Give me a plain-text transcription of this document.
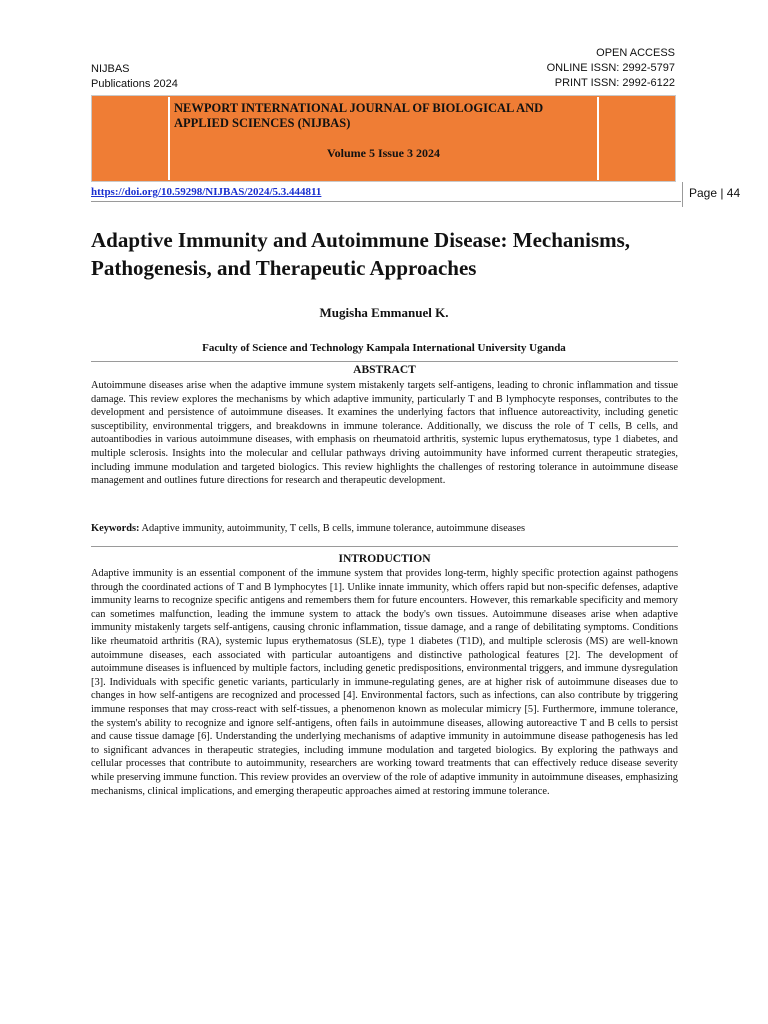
NIJBAS
Publications 2024
OPEN ACCESS
ONLINE ISSN: 2992-5797
PRINT ISSN: 2992-6122
NEWPORT INTERNATIONAL JOURNAL OF BIOLOGICAL AND APPLIED SCIENCES (NIJBAS)
Volume 5 Issue 3 2024
https://doi.org/10.59298/NIJBAS/2024/5.3.444811	Page | 44
Adaptive Immunity and Autoimmune Disease: Mechanisms, Pathogenesis, and Therapeutic Approaches
Mugisha Emmanuel K.
Faculty of Science and Technology Kampala International University Uganda
ABSTRACT
Autoimmune diseases arise when the adaptive immune system mistakenly targets self-antigens, leading to chronic inflammation and tissue damage. This review explores the mechanisms by which adaptive immunity, particularly T and B lymphocyte responses, contributes to the development and persistence of autoimmune diseases. It examines the underlying factors that influence autoreactivity, including genetic susceptibility, environmental triggers, and breakdowns in immune tolerance. Additionally, we discuss the role of T cells, B cells, and autoantibodies in various autoimmune diseases, with emphasis on rheumatoid arthritis, systemic lupus erythematosus, type 1 diabetes, and multiple sclerosis. Insights into the molecular and cellular pathways driving autoimmunity have informed current therapeutic strategies, including immune modulation and targeted biologics. This review highlights the challenges of restoring tolerance in autoimmune disease management and outlines future directions for research and therapeutic development.
Keywords: Adaptive immunity, autoimmunity, T cells, B cells, immune tolerance, autoimmune diseases
INTRODUCTION
Adaptive immunity is an essential component of the immune system that provides long-term, highly specific protection against pathogens through the coordinated actions of T and B lymphocytes [1]. Unlike innate immunity, which offers rapid but non-specific defenses, adaptive immunity learns to recognize specific antigens and remembers them for future encounters. However, this remarkable specificity and memory can sometimes malfunction, leading the immune system to attack the body's own tissues. Autoimmune diseases arise when adaptive immunity mistakenly targets self-antigens, causing chronic inflammation, tissue damage, and a range of debilitating symptoms. Conditions like rheumatoid arthritis (RA), systemic lupus erythematosus (SLE), type 1 diabetes (T1D), and multiple sclerosis (MS) are well-known autoimmune diseases, each associated with particular autoantigens and distinctive pathological features [2]. The development of autoimmune diseases is influenced by multiple factors, including genetic predispositions, environmental triggers, and immune dysregulation [3]. Individuals with specific genetic variants, particularly in immune-regulating genes, are at higher risk of autoimmune diseases due to changes in how self-antigens are recognized and processed [4]. Environmental factors, such as infections, can also contribute by triggering immune responses that may cross-react with self-tissues, a phenomenon known as molecular mimicry [5]. Furthermore, immune tolerance, the system's ability to recognize and ignore self-antigens, often fails in autoimmune diseases, allowing autoreactive T and B cells to persist and cause tissue damage [6]. Understanding the underlying mechanisms of adaptive immunity in autoimmune disease pathogenesis has led to significant advances in therapeutic strategies, including immune modulation and targeted biologics. By exploring the pathways and cellular processes that contribute to autoimmunity, researchers are working toward treatments that can effectively reduce disease severity while preserving immune function. This review provides an overview of the role of adaptive immunity in autoimmune diseases, emphasizing mechanisms, clinical implications, and emerging therapeutic approaches aimed at restoring immune tolerance.
